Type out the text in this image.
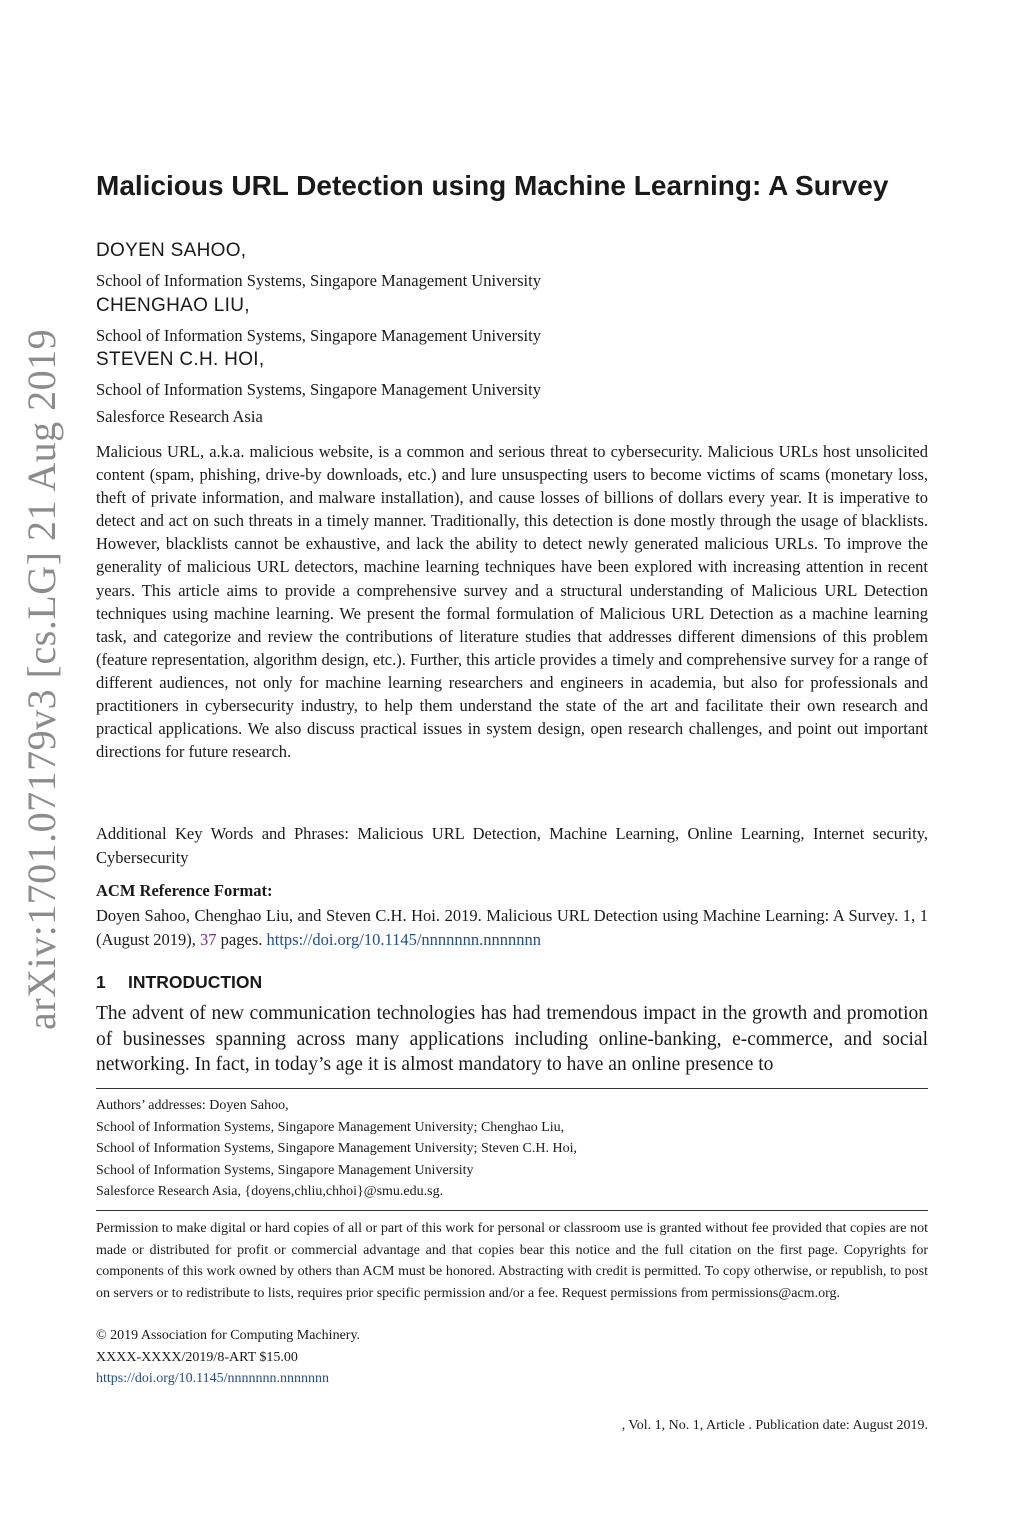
arXiv:1701.07179v3 [cs.LG] 21 Aug 2019
Malicious URL Detection using Machine Learning: A Survey
DOYEN SAHOO,
School of Information Systems, Singapore Management University
CHENGHAO LIU,
School of Information Systems, Singapore Management University
STEVEN C.H. HOI,
School of Information Systems, Singapore Management University
Salesforce Research Asia
Malicious URL, a.k.a. malicious website, is a common and serious threat to cybersecurity. Malicious URLs host unsolicited content (spam, phishing, drive-by downloads, etc.) and lure unsuspecting users to become victims of scams (monetary loss, theft of private information, and malware installation), and cause losses of billions of dollars every year. It is imperative to detect and act on such threats in a timely manner. Traditionally, this detection is done mostly through the usage of blacklists. However, blacklists cannot be exhaustive, and lack the ability to detect newly generated malicious URLs. To improve the generality of malicious URL detectors, machine learning techniques have been explored with increasing attention in recent years. This article aims to provide a comprehensive survey and a structural understanding of Malicious URL Detection techniques using machine learning. We present the formal formulation of Malicious URL Detection as a machine learning task, and categorize and review the contributions of literature studies that addresses different dimensions of this problem (feature representation, algorithm design, etc.). Further, this article provides a timely and comprehensive survey for a range of different audiences, not only for machine learning researchers and engineers in academia, but also for professionals and practitioners in cybersecurity industry, to help them understand the state of the art and facilitate their own research and practical applications. We also discuss practical issues in system design, open research challenges, and point out important directions for future research.
Additional Key Words and Phrases: Malicious URL Detection, Machine Learning, Online Learning, Internet security, Cybersecurity
ACM Reference Format:
Doyen Sahoo, Chenghao Liu, and Steven C.H. Hoi. 2019. Malicious URL Detection using Machine Learning: A Survey. 1, 1 (August 2019), 37 pages. https://doi.org/10.1145/nnnnnnn.nnnnnnn
1 INTRODUCTION
The advent of new communication technologies has had tremendous impact in the growth and promotion of businesses spanning across many applications including online-banking, e-commerce, and social networking. In fact, in today’s age it is almost mandatory to have an online presence to
Authors’ addresses: Doyen Sahoo,
School of Information Systems, Singapore Management University; Chenghao Liu,
School of Information Systems, Singapore Management University; Steven C.H. Hoi,
School of Information Systems, Singapore Management University
Salesforce Research Asia, {doyens,chliu,chhoi}@smu.edu.sg.
Permission to make digital or hard copies of all or part of this work for personal or classroom use is granted without fee provided that copies are not made or distributed for profit or commercial advantage and that copies bear this notice and the full citation on the first page. Copyrights for components of this work owned by others than ACM must be honored. Abstracting with credit is permitted. To copy otherwise, or republish, to post on servers or to redistribute to lists, requires prior specific permission and/or a fee. Request permissions from permissions@acm.org.
© 2019 Association for Computing Machinery.
XXXX-XXXX/2019/8-ART $15.00
https://doi.org/10.1145/nnnnnnn.nnnnnnn
, Vol. 1, No. 1, Article . Publication date: August 2019.
